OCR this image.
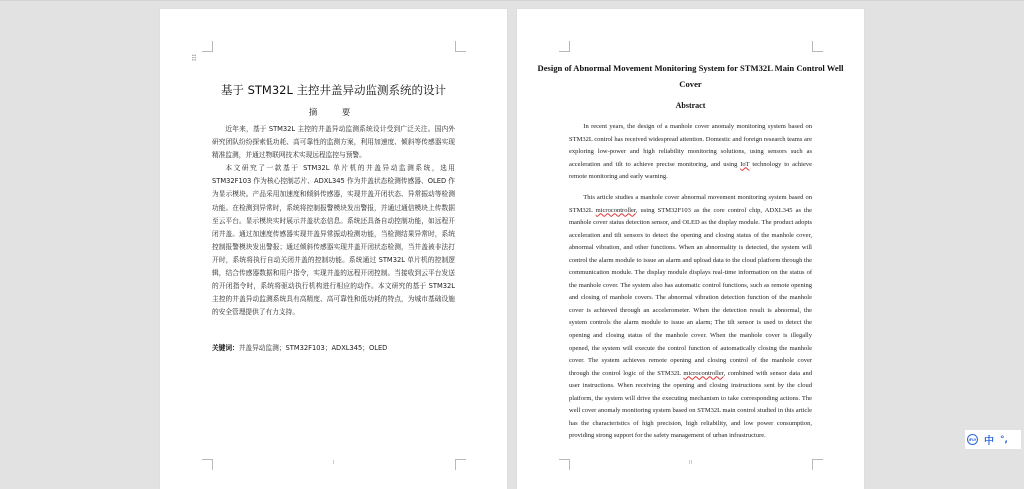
⠿
基于 STM32L 主控井盖异动监测系统的设计
摘　要

近年来，基于 STM32L 主控的井盖异动监测系统设计受到广泛关注。国内外研究团队纷纷探索低功耗、高可靠性的监测方案，利用加速度、倾斜等传感器实现精准监测，并通过物联网技术实现远程监控与预警。

本文研究了一款基于 STM32L 单片机的井盖异动监测系统，选用 STM32F103 作为核心控制芯片、ADXL345 作为井盖状态检测传感器、OLED 作为显示模块。产品采用加速度和倾斜传感器，实现井盖开闭状态、异常振动等检测功能。在检测到异常时，系统将控制报警模块发出警报，并通过通信模块上传数据至云平台。显示模块实时展示井盖状态信息。系统还具备自动控制功能，如远程开闭井盖。通过加速度传感器实现井盖异常振动检测功能，当检测结果异常时，系统控制报警模块发出警报；通过倾斜传感器实现井盖开闭状态检测，当井盖被非法打开时，系统将执行自动关闭井盖的控制功能。系统通过 STM32L 单片机的控制逻辑，结合传感器数据和用户指令，实现井盖的远程开闭控制。当接收到云平台发送的开闭指令时，系统将驱动执行机构进行相应的动作。本文研究的基于 STM32L 主控的井盖异动监测系统具有高精度、高可靠性和低功耗的特点，为城市基础设施的安全管理提供了有力支持。

关键词：井盖异动监测；STM32F103；ADXL345；OLED
I
Design of Abnormal Movement Monitoring System for STM32L Main Control Well Cover
Abstract

In recent years, the design of a manhole cover anomaly monitoring system based on STM32L control has received widespread attention. Domestic and foreign research teams are exploring low-power and high reliability monitoring solutions, using sensors such as acceleration and tilt to achieve precise monitoring, and using IoT technology to achieve remote monitoring and early warning.

This article studies a manhole cover abnormal movement monitoring system based on STM32L microcontroller, using STM32F103 as the core control chip, ADXL345 as the manhole cover status detection sensor, and OLED as the display module. The product adopts acceleration and tilt sensors to detect the opening and closing status of the manhole cover, abnormal vibration, and other functions. When an abnormality is detected, the system will control the alarm module to issue an alarm and upload data to the cloud platform through the communication module. The display module displays real-time information on the status of the manhole cover. The system also has automatic control functions, such as remote opening and closing of manhole covers. The abnormal vibration detection function of the manhole cover is achieved through an accelerometer. When the detection result is abnormal, the system controls the alarm module to issue an alarm; The tilt sensor is used to detect the opening and closing status of the manhole cover. When the manhole cover is illegally opened, the system will execute the control function of automatically closing the manhole cover. The system achieves remote opening and closing control of the manhole cover through the control logic of the STM32L microcontroller, combined with sensor data and user instructions. When receiving the opening and closing instructions sent by the cloud platform, the system will drive the executing mechanism to take corresponding actions. The well cover anomaly monitoring system based on STM32L main control studied in this article has the characteristics of high precision, high reliability, and low power consumption, providing strong support for the safety management of urban infrastructure.

II
iFLY 中 °,
